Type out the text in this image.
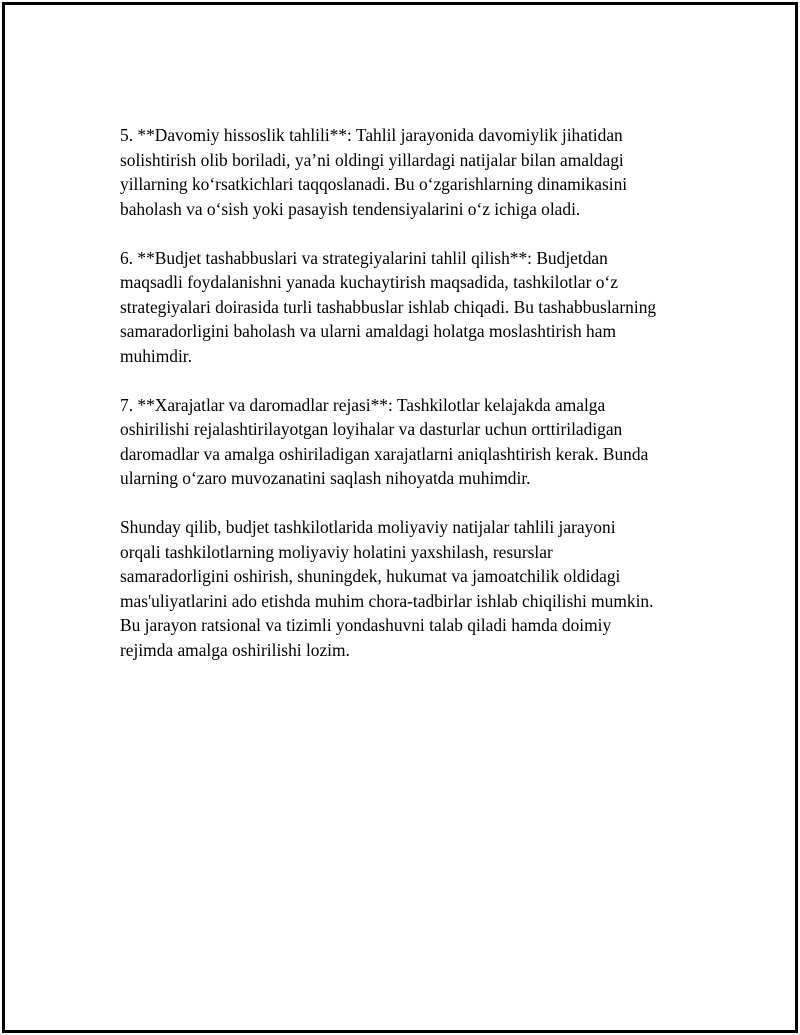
5. **Davomiy hissoslik tahlili**: Tahlil jarayonida davomiylik jihatidan
solishtirish olib boriladi, ya’ni oldingi yillardagi natijalar bilan amaldagi
yillarning ko‘rsatkichlari taqqoslanadi. Bu o‘zgarishlarning dinamikasini
baholash va o‘sish yoki pasayish tendensiyalarini o‘z ichiga oladi.

6. **Budjet tashabbuslari va strategiyalarini tahlil qilish**: Budjetdan
maqsadli foydalanishni yanada kuchaytirish maqsadida, tashkilotlar o‘z
strategiyalari doirasida turli tashabbuslar ishlab chiqadi. Bu tashabbuslarning
samaradorligini baholash va ularni amaldagi holatga moslashtirish ham
muhimdir.

7. **Xarajatlar va daromadlar rejasi**: Tashkilotlar kelajakda amalga
oshirilishi rejalashtirilayotgan loyihalar va dasturlar uchun orttiriladigan
daromadlar va amalga oshiriladigan xarajatlarni aniqlashtirish kerak. Bunda
ularning o‘zaro muvozanatini saqlash nihoyatda muhimdir.

Shunday qilib, budjet tashkilotlarida moliyaviy natijalar tahlili jarayoni
orqali tashkilotlarning moliyaviy holatini yaxshilash, resurslar
samaradorligini oshirish, shuningdek, hukumat va jamoatchilik oldidagi
mas'uliyatlarini ado etishda muhim chora-tadbirlar ishlab chiqilishi mumkin.
Bu jarayon ratsional va tizimli yondashuvni talab qiladi hamda doimiy
rejimda amalga oshirilishi lozim.
